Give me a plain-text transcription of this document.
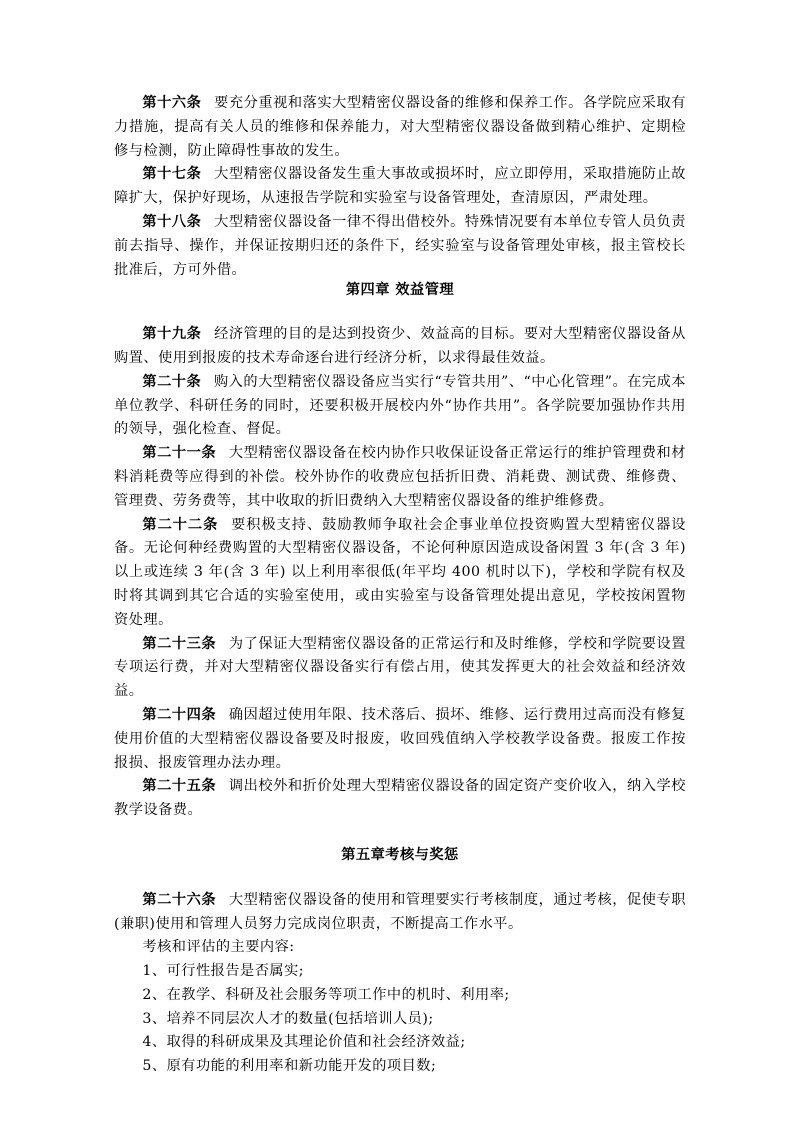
第十六条 要充分重视和落实大型精密仪器设备的维修和保养工作。各学院应采取有力措施，提高有关人员的维修和保养能力，对大型精密仪器设备做到精心维护、定期检修与检测，防止障碍性事故的发生。

第十七条 大型精密仪器设备发生重大事故或损坏时，应立即停用，采取措施防止故障扩大，保护好现场，从速报告学院和实验室与设备管理处，查清原因，严肃处理。

第十八条 大型精密仪器设备一律不得出借校外。特殊情况要有本单位专管人员负责前去指导、操作，并保证按期归还的条件下，经实验室与设备管理处审核，报主管校长批准后，方可外借。

第四章 效益管理

第十九条 经济管理的目的是达到投资少、效益高的目标。要对大型精密仪器设备从购置、使用到报废的技术寿命逐台进行经济分析，以求得最佳效益。

第二十条 购入的大型精密仪器设备应当实行“专管共用”、“中心化管理”。在完成本单位教学、科研任务的同时，还要积极开展校内外“协作共用”。各学院要加强协作共用的领导，强化检查、督促。

第二十一条 大型精密仪器设备在校内协作只收保证设备正常运行的维护管理费和材料消耗费等应得到的补偿。校外协作的收费应包括折旧费、消耗费、测试费、维修费、管理费、劳务费等，其中收取的折旧费纳入大型精密仪器设备的维护维修费。

第二十二条 要积极支持、鼓励教师争取社会企事业单位投资购置大型精密仪器设备。无论何种经费购置的大型精密仪器设备，不论何种原因造成设备闲置 3 年(含 3 年) 以上或连续 3 年(含 3 年) 以上利用率很低(年平均 400 机时以下)，学校和学院有权及时将其调到其它合适的实验室使用，或由实验室与设备管理处提出意见，学校按闲置物资处理。

第二十三条 为了保证大型精密仪器设备的正常运行和及时维修，学校和学院要设置专项运行费，并对大型精密仪器设备实行有偿占用，使其发挥更大的社会效益和经济效益。

第二十四条 确因超过使用年限、技术落后、损坏、维修、运行费用过高而没有修复使用价值的大型精密仪器设备要及时报废，收回残值纳入学校教学设备费。报废工作按报损、报废管理办法办理。

第二十五条 调出校外和折价处理大型精密仪器设备的固定资产变价收入，纳入学校教学设备费。

第五章考核与奖惩

第二十六条 大型精密仪器设备的使用和管理要实行考核制度，通过考核，促使专职(兼职)使用和管理人员努力完成岗位职责，不断提高工作水平。

考核和评估的主要内容:

1、可行性报告是否属实;

2、在教学、科研及社会服务等项工作中的机时、利用率;

3、培养不同层次人才的数量(包括培训人员);

4、取得的科研成果及其理论价值和社会经济效益;

5、原有功能的利用率和新功能开发的项目数;
